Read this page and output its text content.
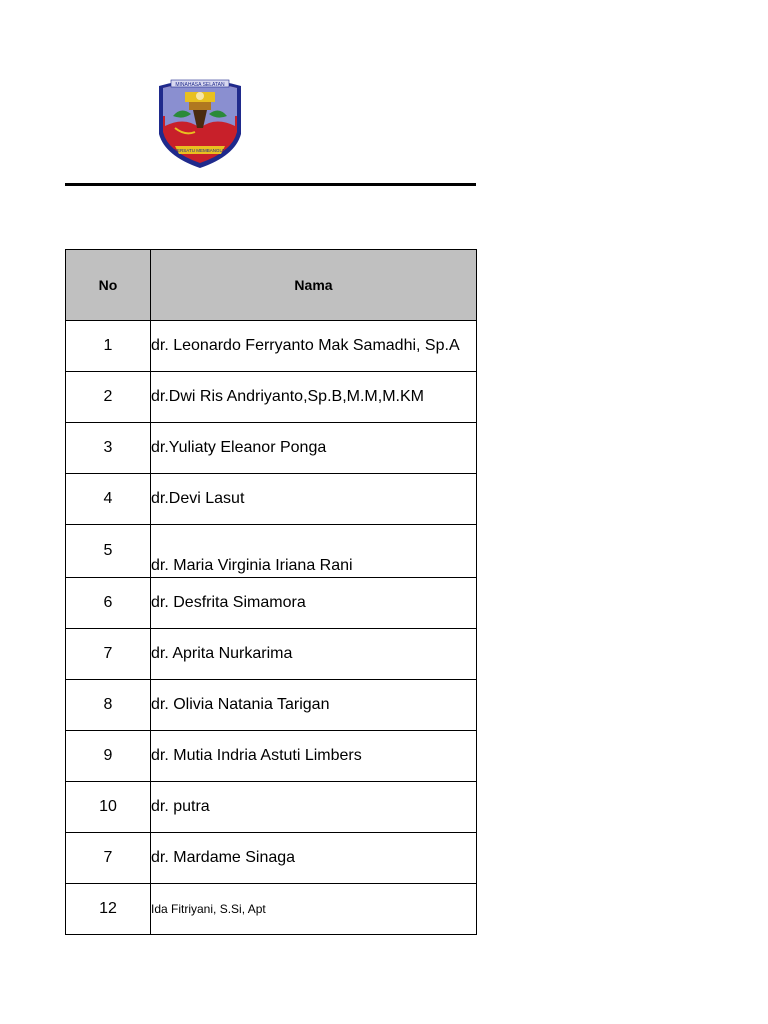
MINAHASA SELATAN
BERSATU MEMBANGUN
No	Nama
1	dr. Leonardo Ferryanto Mak Samadhi, Sp.A
2	dr.Dwi Ris Andriyanto,Sp.B,M.M,M.KM
3	dr.Yuliaty Eleanor Ponga
4	dr.Devi Lasut
5	dr. Maria Virginia Iriana Rani
6	dr. Desfrita Simamora
7	dr. Aprita Nurkarima
8	dr. Olivia Natania Tarigan
9	dr. Mutia Indria Astuti Limbers
10	dr. putra
7	dr. Mardame Sinaga
12	Ida Fitriyani, S.Si, Apt
